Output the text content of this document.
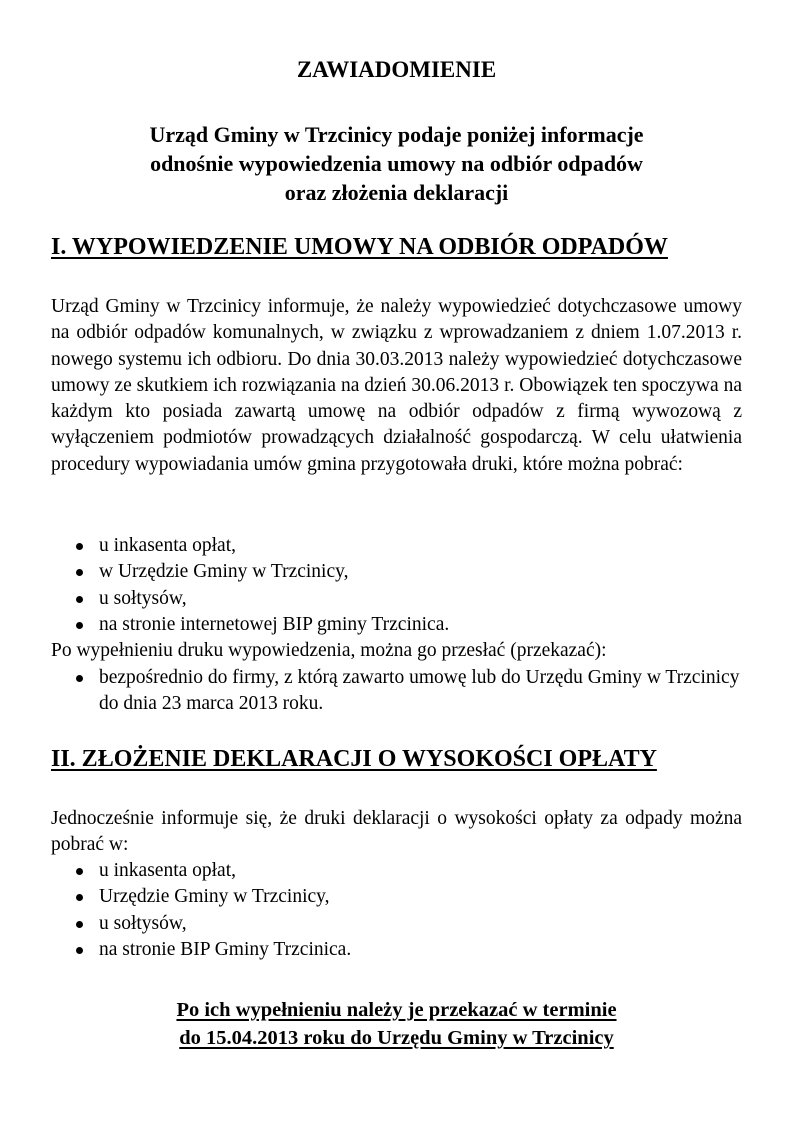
ZAWIADOMIENIE
Urząd Gminy w Trzcinicy podaje poniżej informacje
odnośnie wypowiedzenia umowy na odbiór odpadów
oraz złożenia deklaracji
I. WYPOWIEDZENIE UMOWY NA ODBIÓR ODPADÓW

Urząd Gminy w Trzcinicy informuje, że należy wypowiedzieć dotychczasowe umowy na odbiór odpadów komunalnych, w związku z wprowadzaniem z dniem 1.07.2013 r. nowego systemu ich odbioru. Do dnia 30.03.2013 należy wypowiedzieć dotychczasowe umowy ze skutkiem ich rozwiązania na dzień 30.06.2013 r. Obowiązek ten spoczywa na każdym kto posiada zawartą umowę na odbiór odpadów z firmą wywozową z wyłączeniem podmiotów prowadzących działalność gospodarczą. W celu ułatwienia procedury wypowiadania umów gmina przygotowała druki, które można pobrać:

u inkasenta opłat,
w Urzędzie Gminy w Trzcinicy,
u sołtysów,
na stronie internetowej BIP gminy Trzcinica.

Po wypełnieniu druku wypowiedzenia, można go przesłać (przekazać):

bezpośrednio do firmy, z którą zawarto umowę lub do Urzędu Gminy w Trzcinicy do dnia 23 marca 2013 roku.
II. ZŁOŻENIE DEKLARACJI O WYSOKOŚCI OPŁATY

Jednocześnie informuje się, że druki deklaracji o wysokości opłaty za odpady można pobrać w:

u inkasenta opłat,
Urzędzie Gminy w Trzcinicy,
u sołtysów,
na stronie BIP Gminy Trzcinica.
Po ich wypełnieniu należy je przekazać w terminie
do 15.04.2013 roku do Urzędu Gminy w Trzcinicy
